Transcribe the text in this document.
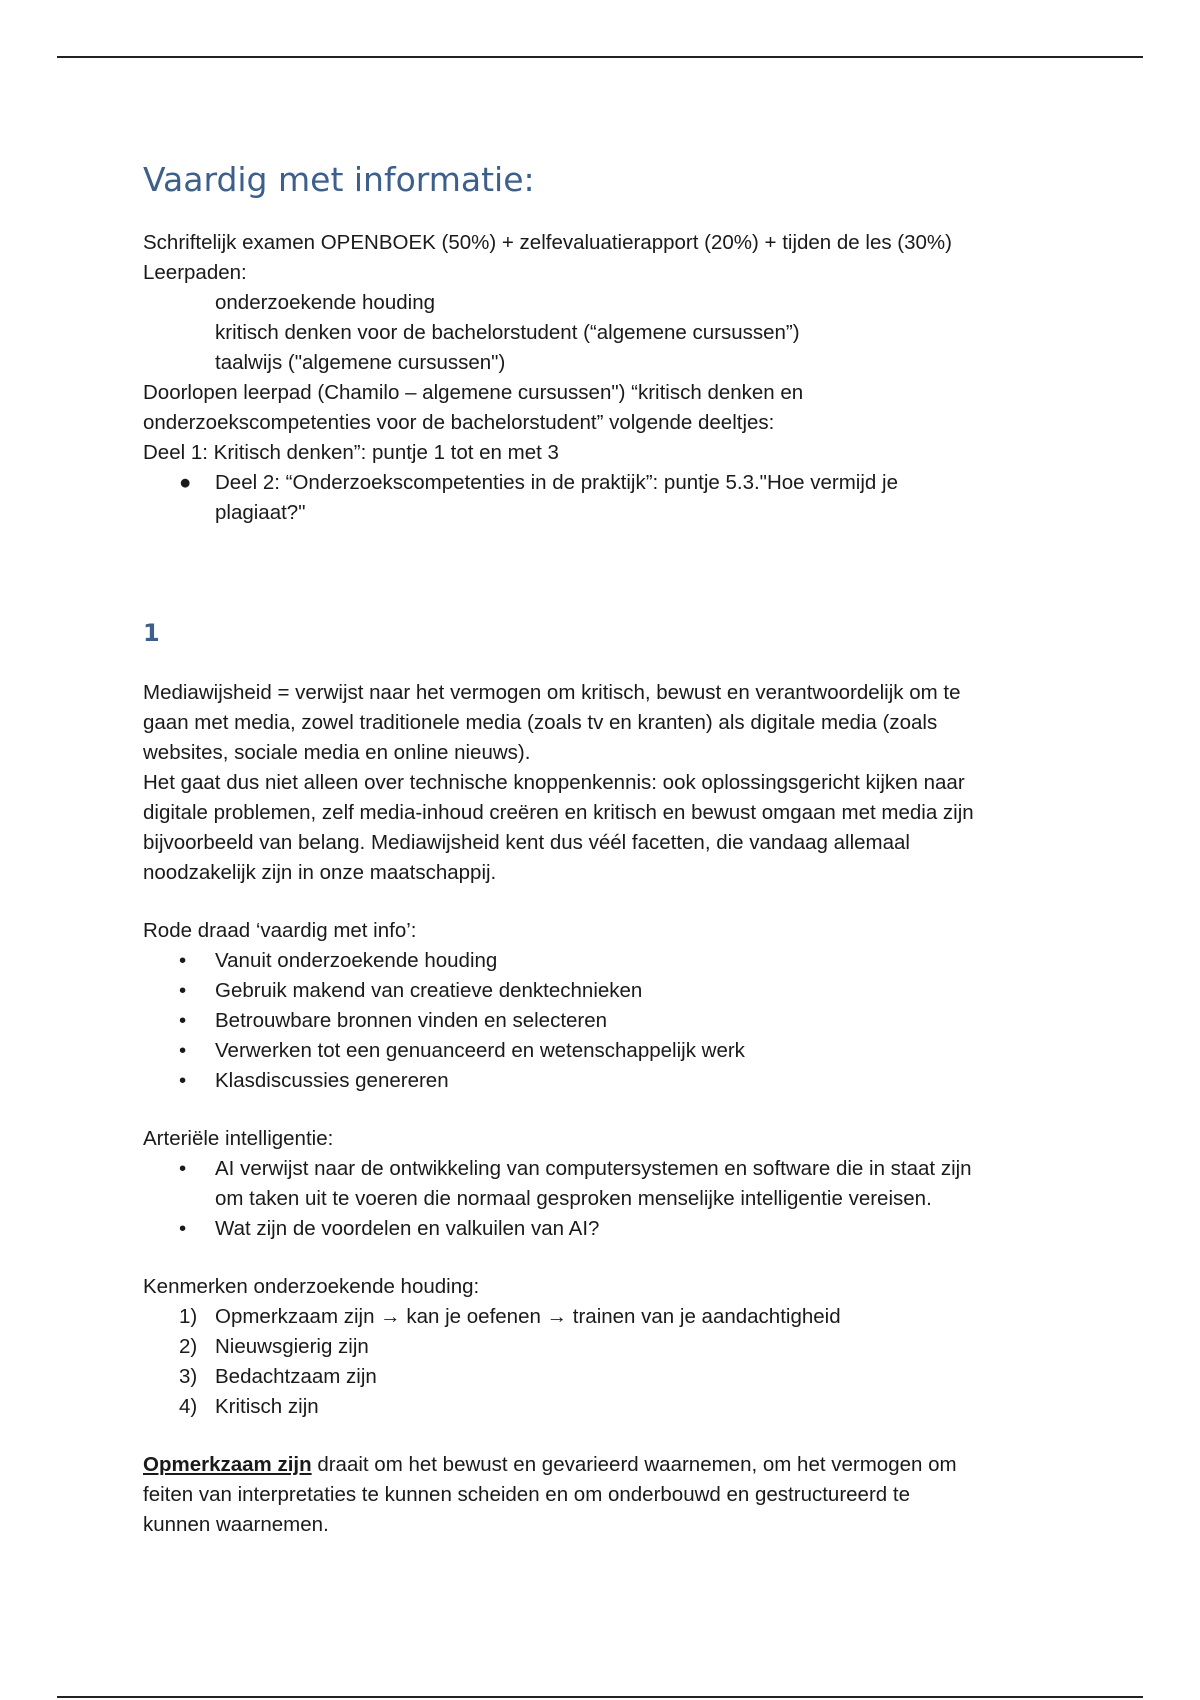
Vaardig met informatie:

Schriftelijk examen OPENBOEK (50%) + zelfevaluatierapport (20%) + tijden de les (30%)

Leerpaden:

onderzoekende houding

kritisch denken voor de bachelorstudent (“algemene cursussen”)

taalwijs ("algemene cursussen")

Doorlopen leerpad (Chamilo – algemene cursussen") “kritisch denken en

onderzoekscompetenties voor de bachelorstudent” volgende deeltjes:

Deel 1: Kritisch denken”: puntje 1 tot en met 3

●	Deel 2: “Onderzoekscompetenties in de praktijk”: puntje 5.3."Hoe vermijd je
plagiaat?"
1

Mediawijsheid = verwijst naar het vermogen om kritisch, bewust en verantwoordelijk om te

gaan met media, zowel traditionele media (zoals tv en kranten) als digitale media (zoals

websites, sociale media en online nieuws).

Het gaat dus niet alleen over technische knoppenkennis: ook oplossingsgericht kijken naar

digitale problemen, zelf media-inhoud creëren en kritisch en bewust omgaan met media zijn

bijvoorbeeld van belang. Mediawijsheid kent dus véél facetten, die vandaag allemaal

noodzakelijk zijn in onze maatschappij.

Rode draad ‘vaardig met info’:

•	Vanuit onderzoekende houding
•	Gebruik makend van creatieve denktechnieken
•	Betrouwbare bronnen vinden en selecteren
•	Verwerken tot een genuanceerd en wetenschappelijk werk
•	Klasdiscussies genereren

Arteriële intelligentie:

•	AI verwijst naar de ontwikkeling van computersystemen en software die in staat zijn
om taken uit te voeren die normaal gesproken menselijke intelligentie vereisen.
•	Wat zijn de voordelen en valkuilen van AI?

Kenmerken onderzoekende houding:

1) Opmerkzaam zijn → kan je oefenen → trainen van je aandachtigheid
2) Nieuwsgierig zijn
3) Bedachtzaam zijn
4) Kritisch zijn

Opmerkzaam zijn draait om het bewust en gevarieerd waarnemen, om het vermogen om

feiten van interpretaties te kunnen scheiden en om onderbouwd en gestructureerd te

kunnen waarnemen.
